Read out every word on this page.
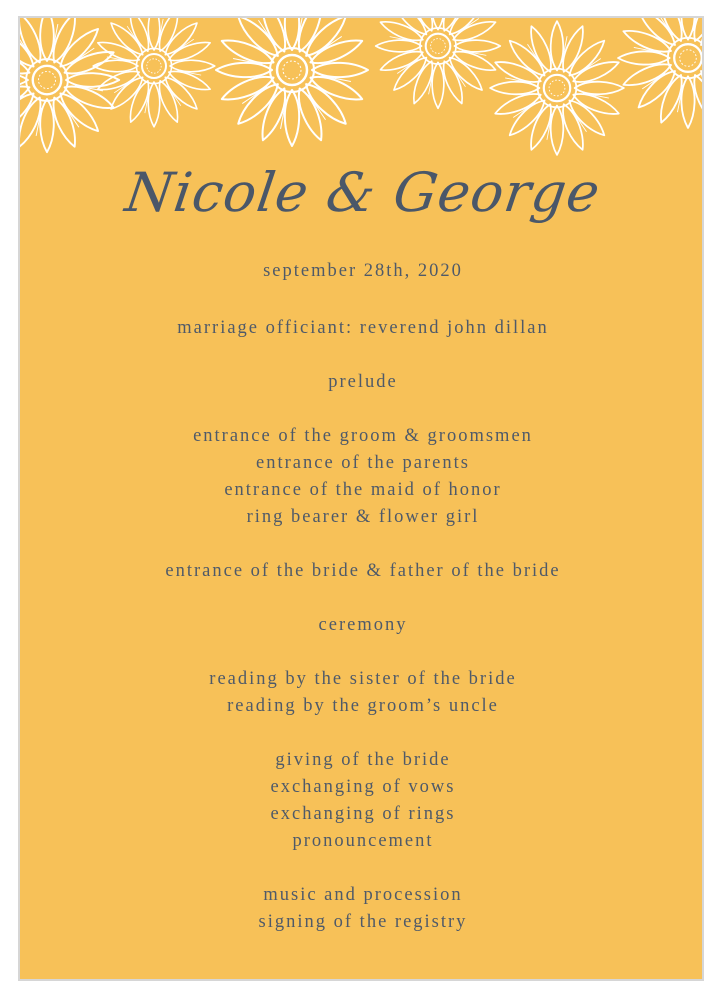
Nicole & George
september 28th, 2020
marriage officiant: reverend john dillan
prelude
entrance of the groom & groomsmen
entrance of the parents
entrance of the maid of honor
ring bearer & flower girl
entrance of the bride & father of the bride
ceremony
reading by the sister of the bride
reading by the groom’s uncle
giving of the bride
exchanging of vows
exchanging of rings
pronouncement
music and procession
signing of the registry
